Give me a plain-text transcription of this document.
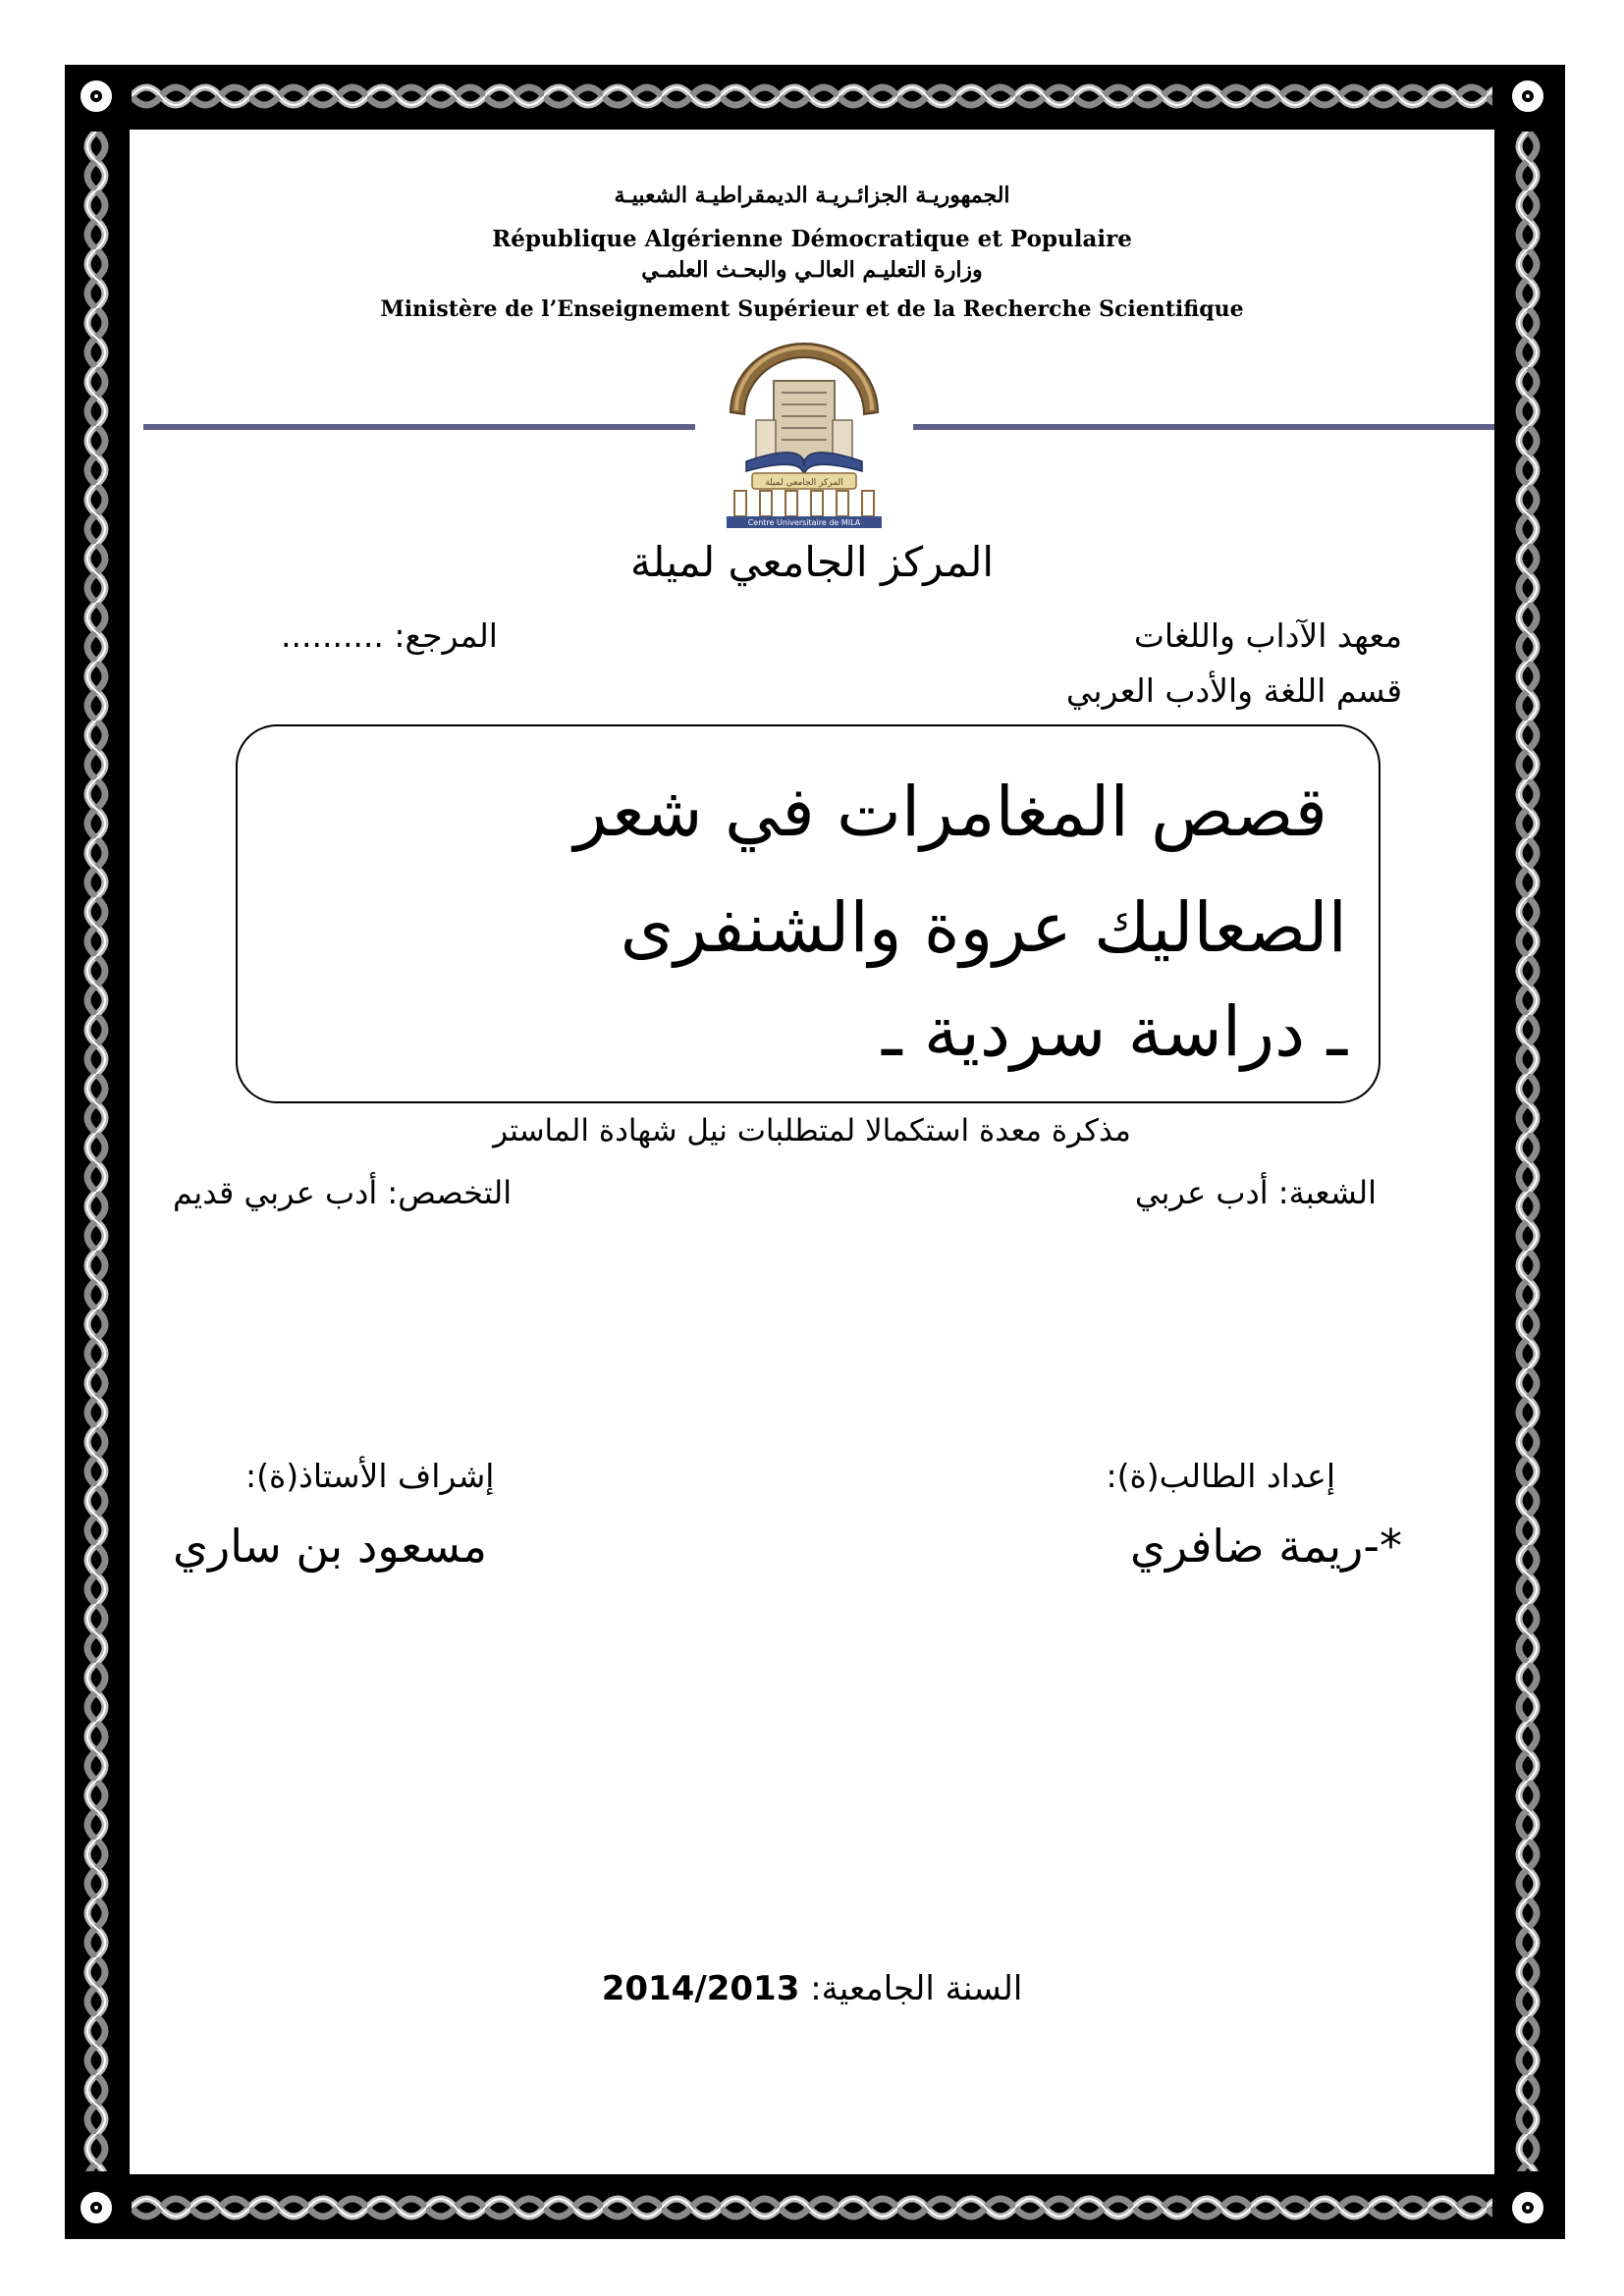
الجمهوريـة الجزائـريـة الديمقراطيـة الشعبيـة
République Algérienne Démocratique et Populaire
وزارة التعليـم العالـي والبحـث العلمـي
Ministère de l’Enseignement Supérieur et de la Recherche Scientifique
المركز الجامعي لميلة
Centre Universitaire de MILA
المركز الجامعي لميلة
معهد الآداب واللغات
المرجع: ..........
قسم اللغة والأدب العربي
قصص المغامرات في شعر
الصعاليك عروة والشنفرى
ـ دراسة سردية ـ
مذكرة معدة استكمالا لمتطلبات نيل شهادة الماستر
الشعبة: أدب عربي
التخصص: أدب عربي قديم
إعداد الطالب(ة):
إشراف الأستاذ(ة):
*-ريمة ضافري
مسعود بن ساري
السنة الجامعية: 2014/2013
